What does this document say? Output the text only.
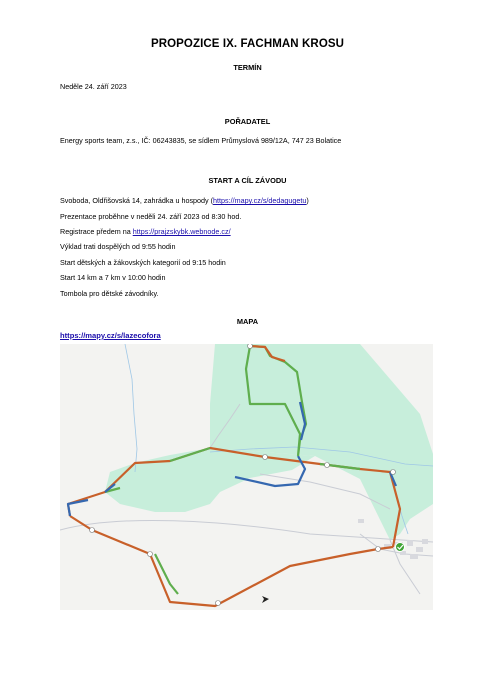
PROPOZICE IX. FACHMAN KROSU
TERMÍN
Neděle 24. září 2023
POŘADATEL
Energy sports team, z.s., IČ: 06243835, se sídlem Průmyslová 989/12A, 747 23 Bolatice
START A CÍL ZÁVODU
Svoboda, Oldřišovská 14, zahrádka u hospody (https://mapy.cz/s/dedagugetu)
Prezentace proběhne v neděli 24. září 2023 od 8:30 hod.
Registrace předem na https://prajzskybk.webnode.cz/
Výklad trati dospělých od 9:55 hodin
Start dětských a žákovských kategorií od 9:15 hodin
Start 14 km a 7 km v 10:00 hodin
Tombola pro dětské závodníky.
MAPA
https://mapy.cz/s/lazecofora
